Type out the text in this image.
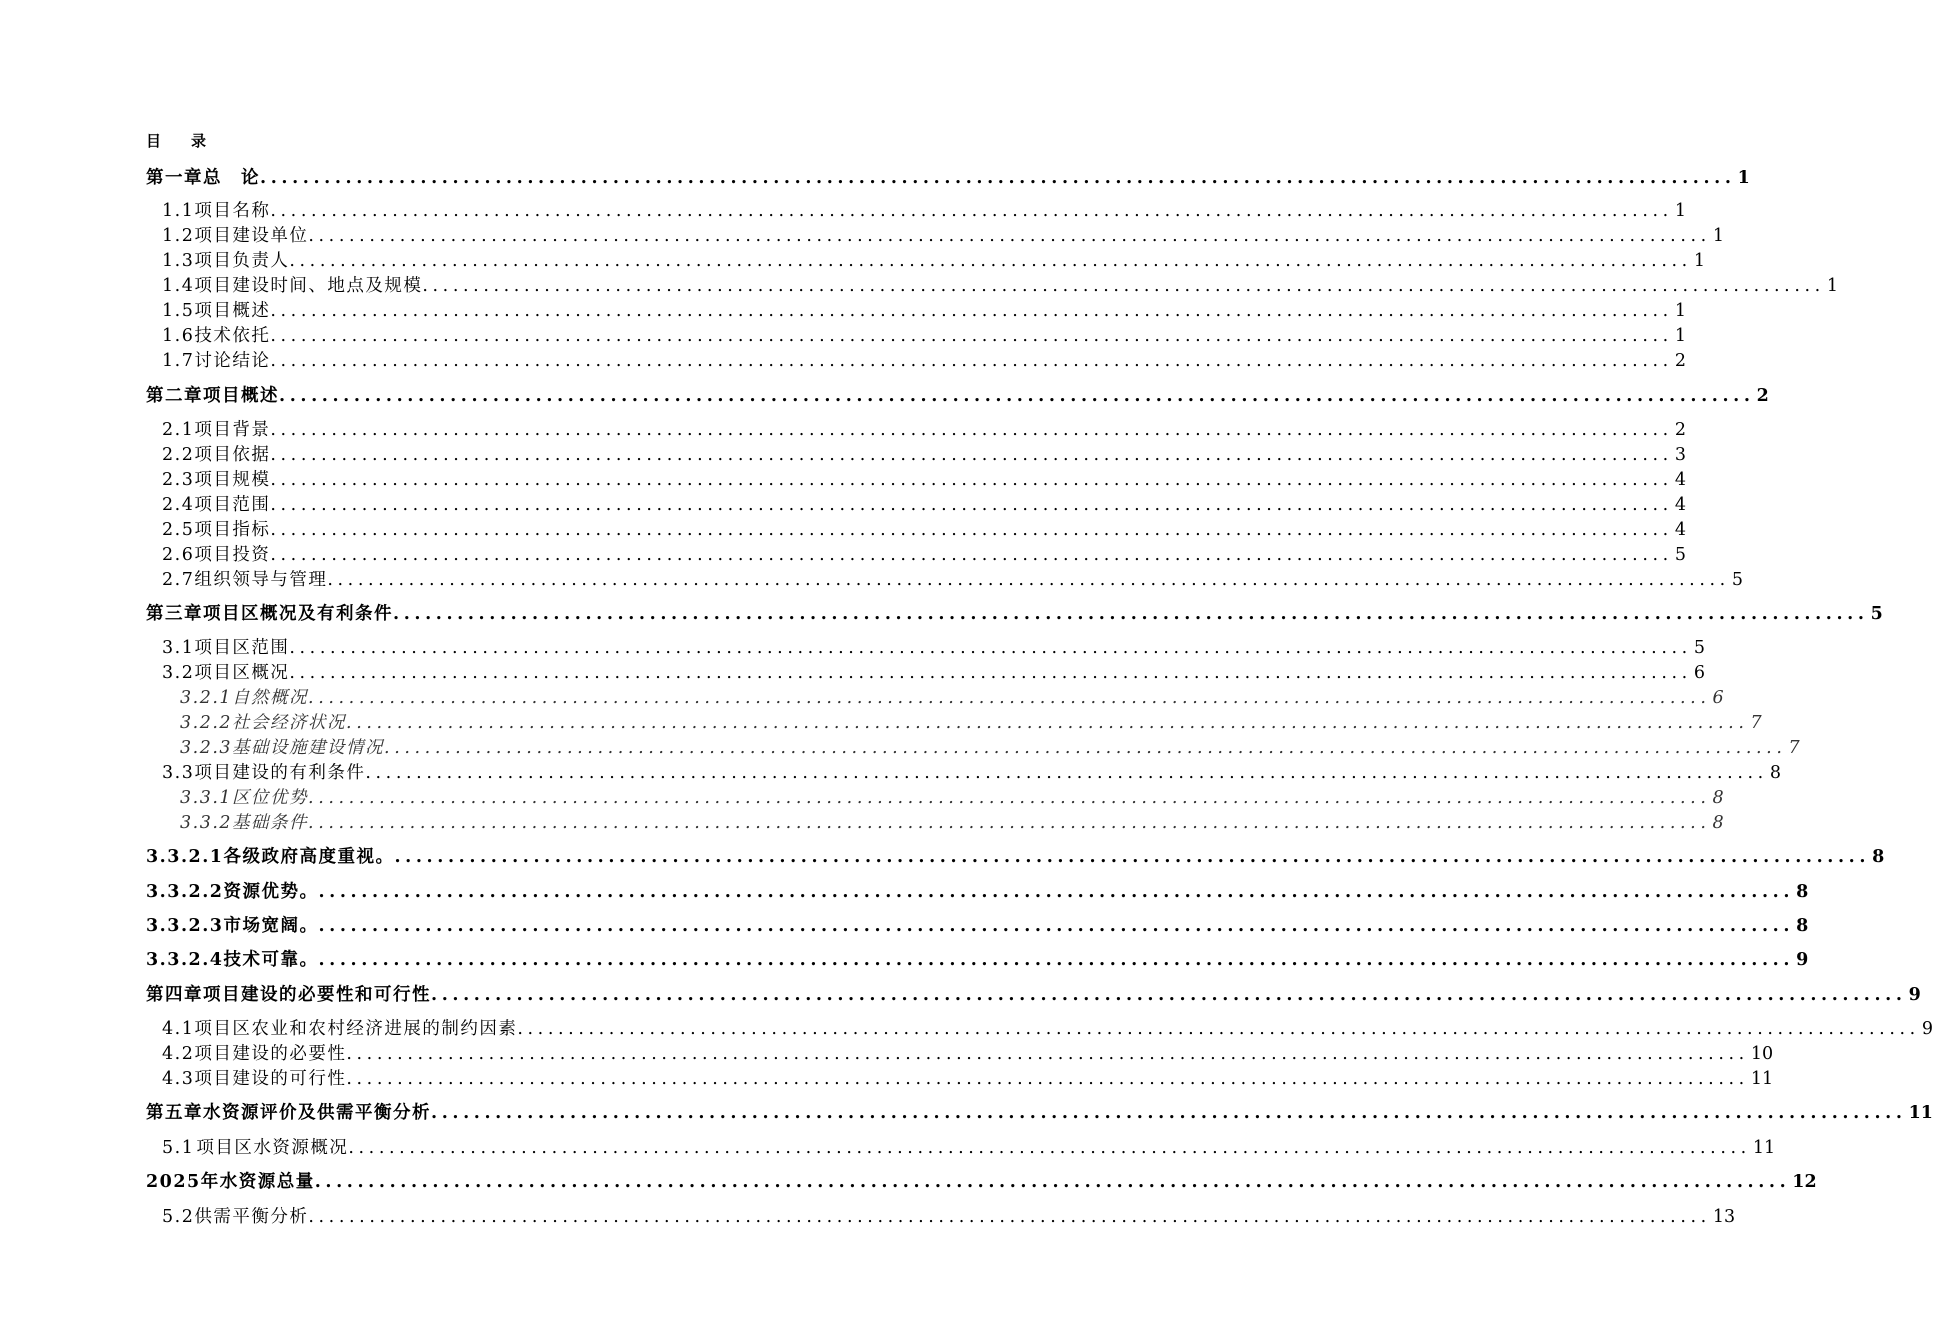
目 录
第一章 总　论 .......................................................................................................................................... 1
1.1 项目名称 .......................................................................................................................................... 1
1.2 项目建设单位 .......................................................................................................................................... 1
1.3 项目负责人 .......................................................................................................................................... 1
1.4 项目建设时间、地点及规模 .......................................................................................................................................... 1
1.5 项目概述 .......................................................................................................................................... 1
1.6 技术依托 .......................................................................................................................................... 1
1.7 讨论结论 .......................................................................................................................................... 2
第二章 项目概述 .......................................................................................................................................... 2
2.1 项目背景 .......................................................................................................................................... 2
2.2 项目依据 .......................................................................................................................................... 3
2.3 项目规模 .......................................................................................................................................... 4
2.4 项目范围 .......................................................................................................................................... 4
2.5 项目指标 .......................................................................................................................................... 4
2.6 项目投资 .......................................................................................................................................... 5
2.7 组织领导与管理 .......................................................................................................................................... 5
第三章 项目区概况及有利条件 .......................................................................................................................................... 5
3.1 项目区范围 .......................................................................................................................................... 5
3.2 项目区概况 .......................................................................................................................................... 6
3.2.1 自然概况 .......................................................................................................................................... 6
3.2.2 社会经济状况 .......................................................................................................................................... 7
3.2.3 基础设施建设情况 .......................................................................................................................................... 7
3.3 项目建设的有利条件 .......................................................................................................................................... 8
3.3.1 区位优势 .......................................................................................................................................... 8
3.3.2 基础条件 .......................................................................................................................................... 8
3.3.2.1 各级政府高度重视。 .......................................................................................................................................... 8
3.3.2.2 资源优势。 .......................................................................................................................................... 8
3.3.2.3 市场宽阔。 .......................................................................................................................................... 8
3.3.2.4 技术可靠。 .......................................................................................................................................... 9
第四章 项目建设的必要性和可行性 .......................................................................................................................................... 9
4.1 项目区农业和农村经济进展的制约因素 .......................................................................................................................................... 9
4.2 项目建设的必要性 .......................................................................................................................................... 10
4.3 项目建设的可行性 .......................................................................................................................................... 11
第五章 水资源评价及供需平衡分析 .......................................................................................................................................... 11
5.1 项目区水资源概况 .......................................................................................................................................... 11
2025年水资源总量 .......................................................................................................................................... 12
5.2 供需平衡分析 .......................................................................................................................................... 13
